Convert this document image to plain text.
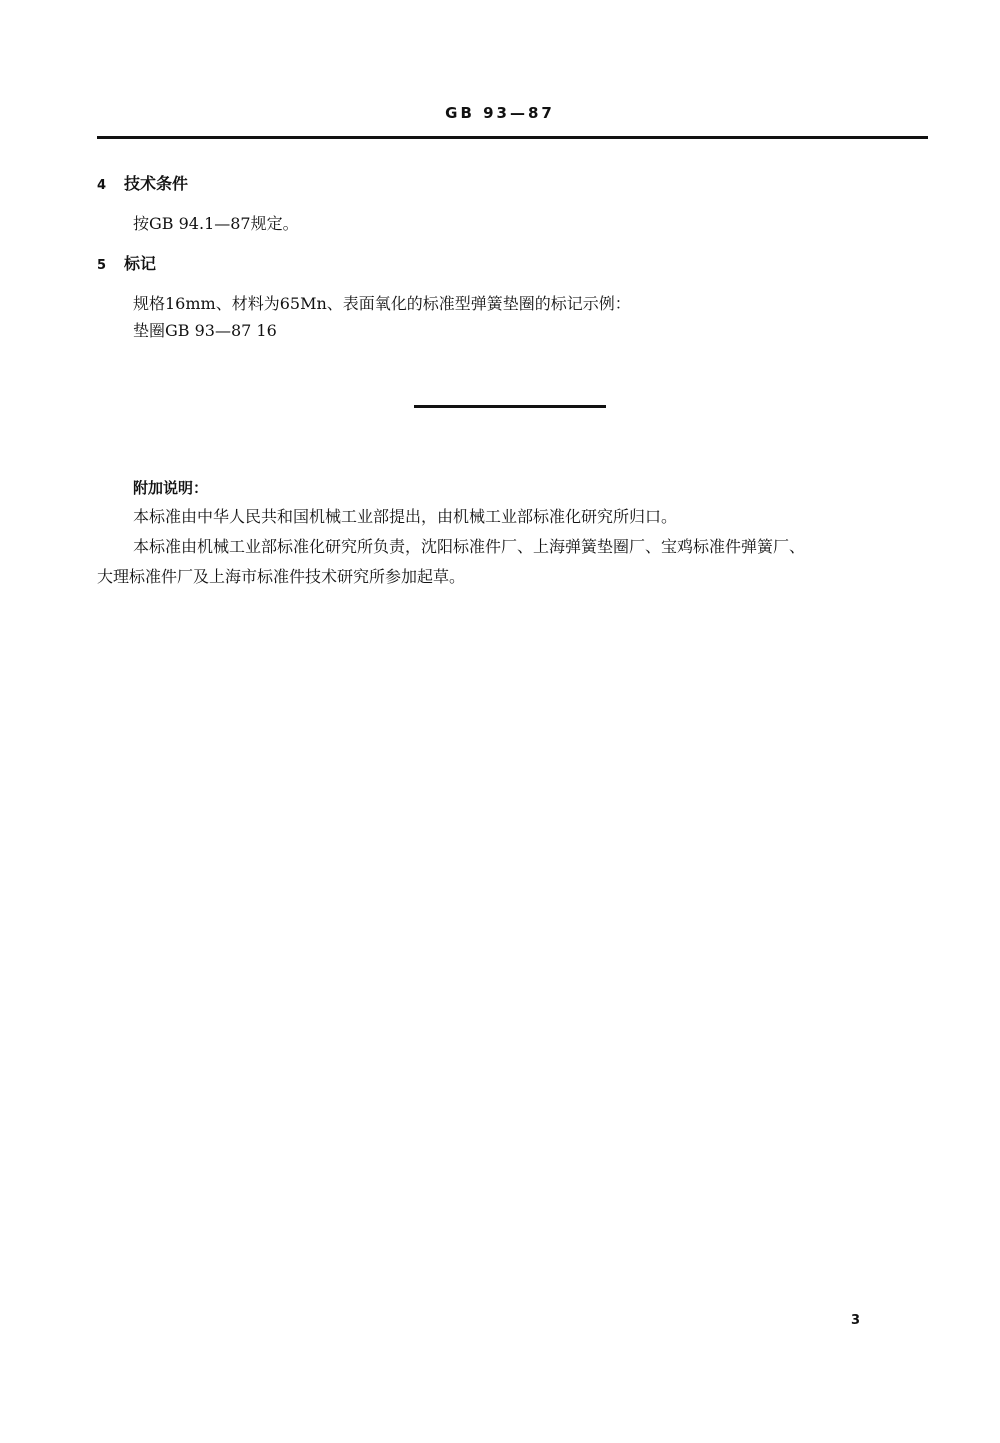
GB 93—87
4 技术条件
按GB 94.1—87规定。
5 标记
规格16mm、材料为65Mn、表面氧化的标准型弹簧垫圈的标记示例：
垫圈GB 93—87 16
附加说明：
本标准由中华人民共和国机械工业部提出，由机械工业部标准化研究所归口。
本标准由机械工业部标准化研究所负责，沈阳标准件厂、上海弹簧垫圈厂、宝鸡标准件弹簧厂、
大理标准件厂及上海市标准件技术研究所参加起草。
3
